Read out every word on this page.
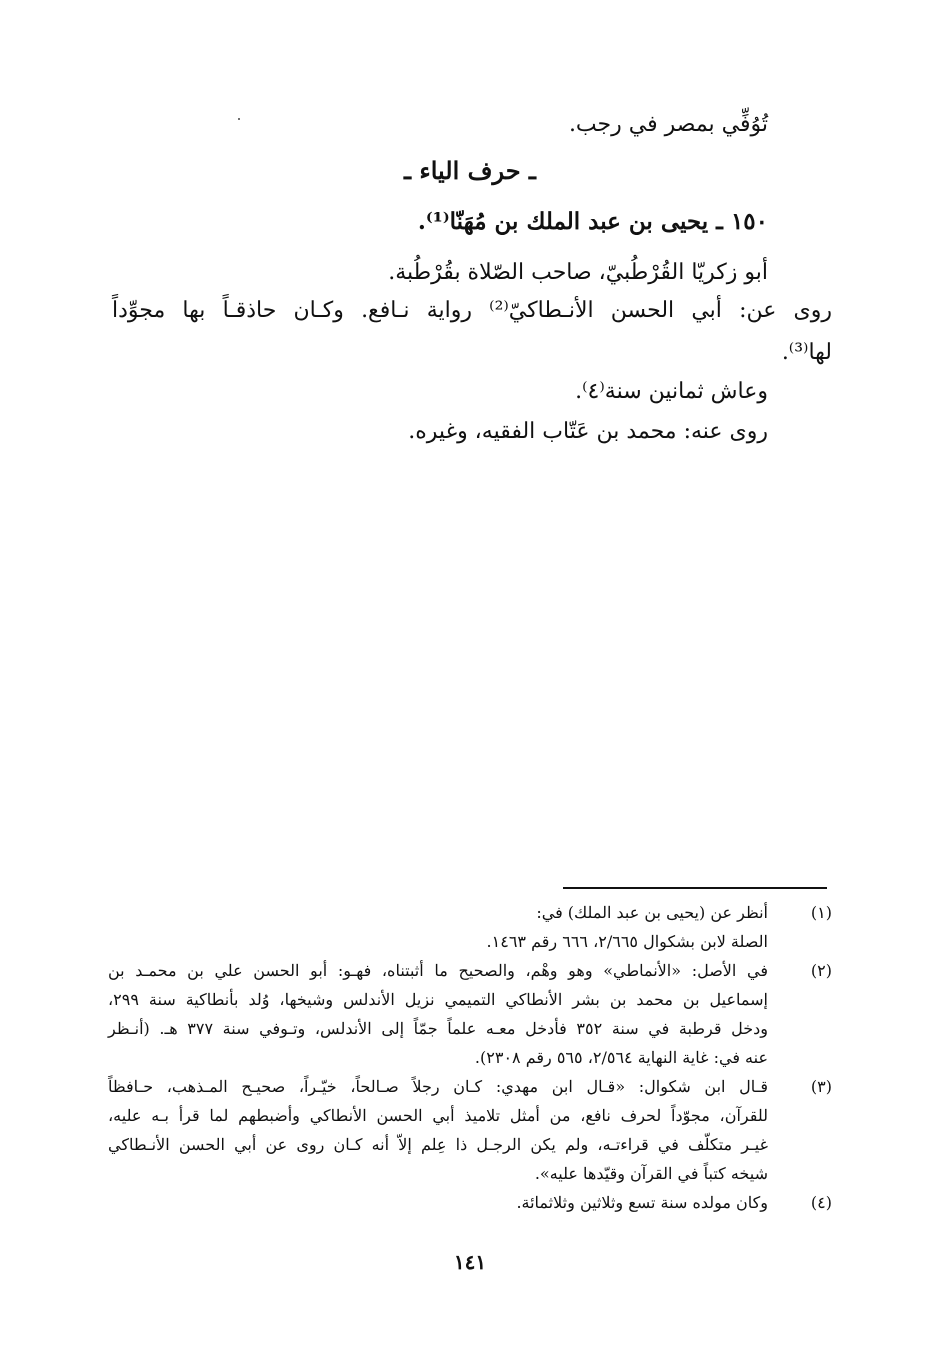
تُوُفِّي بمصر في رجب.
ـ حرف الياء ـ
١٥٠ ـ يحيى بن عبد الملك بن مُهَنّا⁽¹⁾.
أبو زكريّا القُرْطُبيّ، صاحب الصّلاة بقُرْطُبة.
روى عن: أبي الحسن الأنـطاكيّ⁽²⁾ رواية نـافع. وكـان حاذقـاً بها مجوِّداً
لها⁽³⁾.
وعاش ثمانين سنة⁽٤⁾.
روى عنه: محمد بن عَتّاب الفقيه، وغيره.
(١)
أنظر عن (يحيى بن عبد الملك) في:
الصلة لابن بشكوال ٢/٦٦٥، ٦٦٦ رقم ١٤٦٣.
(٢)
في الأصل: «الأنماطي» وهو وهْم، والصحيح ما أثبتناه، فهـو: أبو الحسن علي بن محمـد بن
إسماعيل بن محمد بن بشر الأنطاكي التميمي نزيل الأندلس وشيخها، وُلد بأنطاكية سنة ٢٩٩،
ودخل قرطبة في سنة ٣٥٢ فأدخل معـه علماً جمّاً إلى الأندلس، وتـوفي سنة ٣٧٧ هـ. (أنـظر
عنه في: غاية النهاية ٢/٥٦٤، ٥٦٥ رقم ٢٣٠٨).
(٣)
قـال ابن شكوال: «قـال ابن مهدي: كـان رجلاً صـالحاً، خيّـراً، صحيـح المـذهب، حـافظاً
للقرآن، مجوّداً لحرف نافع، من أمثل تلاميذ أبي الحسن الأنطاكي وأضبطهم لما قرأ بـه عليه،
غيـر متكلّف في قراءتـه، ولم يكن الرجـل ذا عِلم إلاّ أنه كـان روى عن أبي الحسن الأنـطاكي
شيخه كتباً في القرآن وقيّدها عليه».
(٤)
وكان مولده سنة تسع وثلاثين وثلاثمائة.
١٤١
